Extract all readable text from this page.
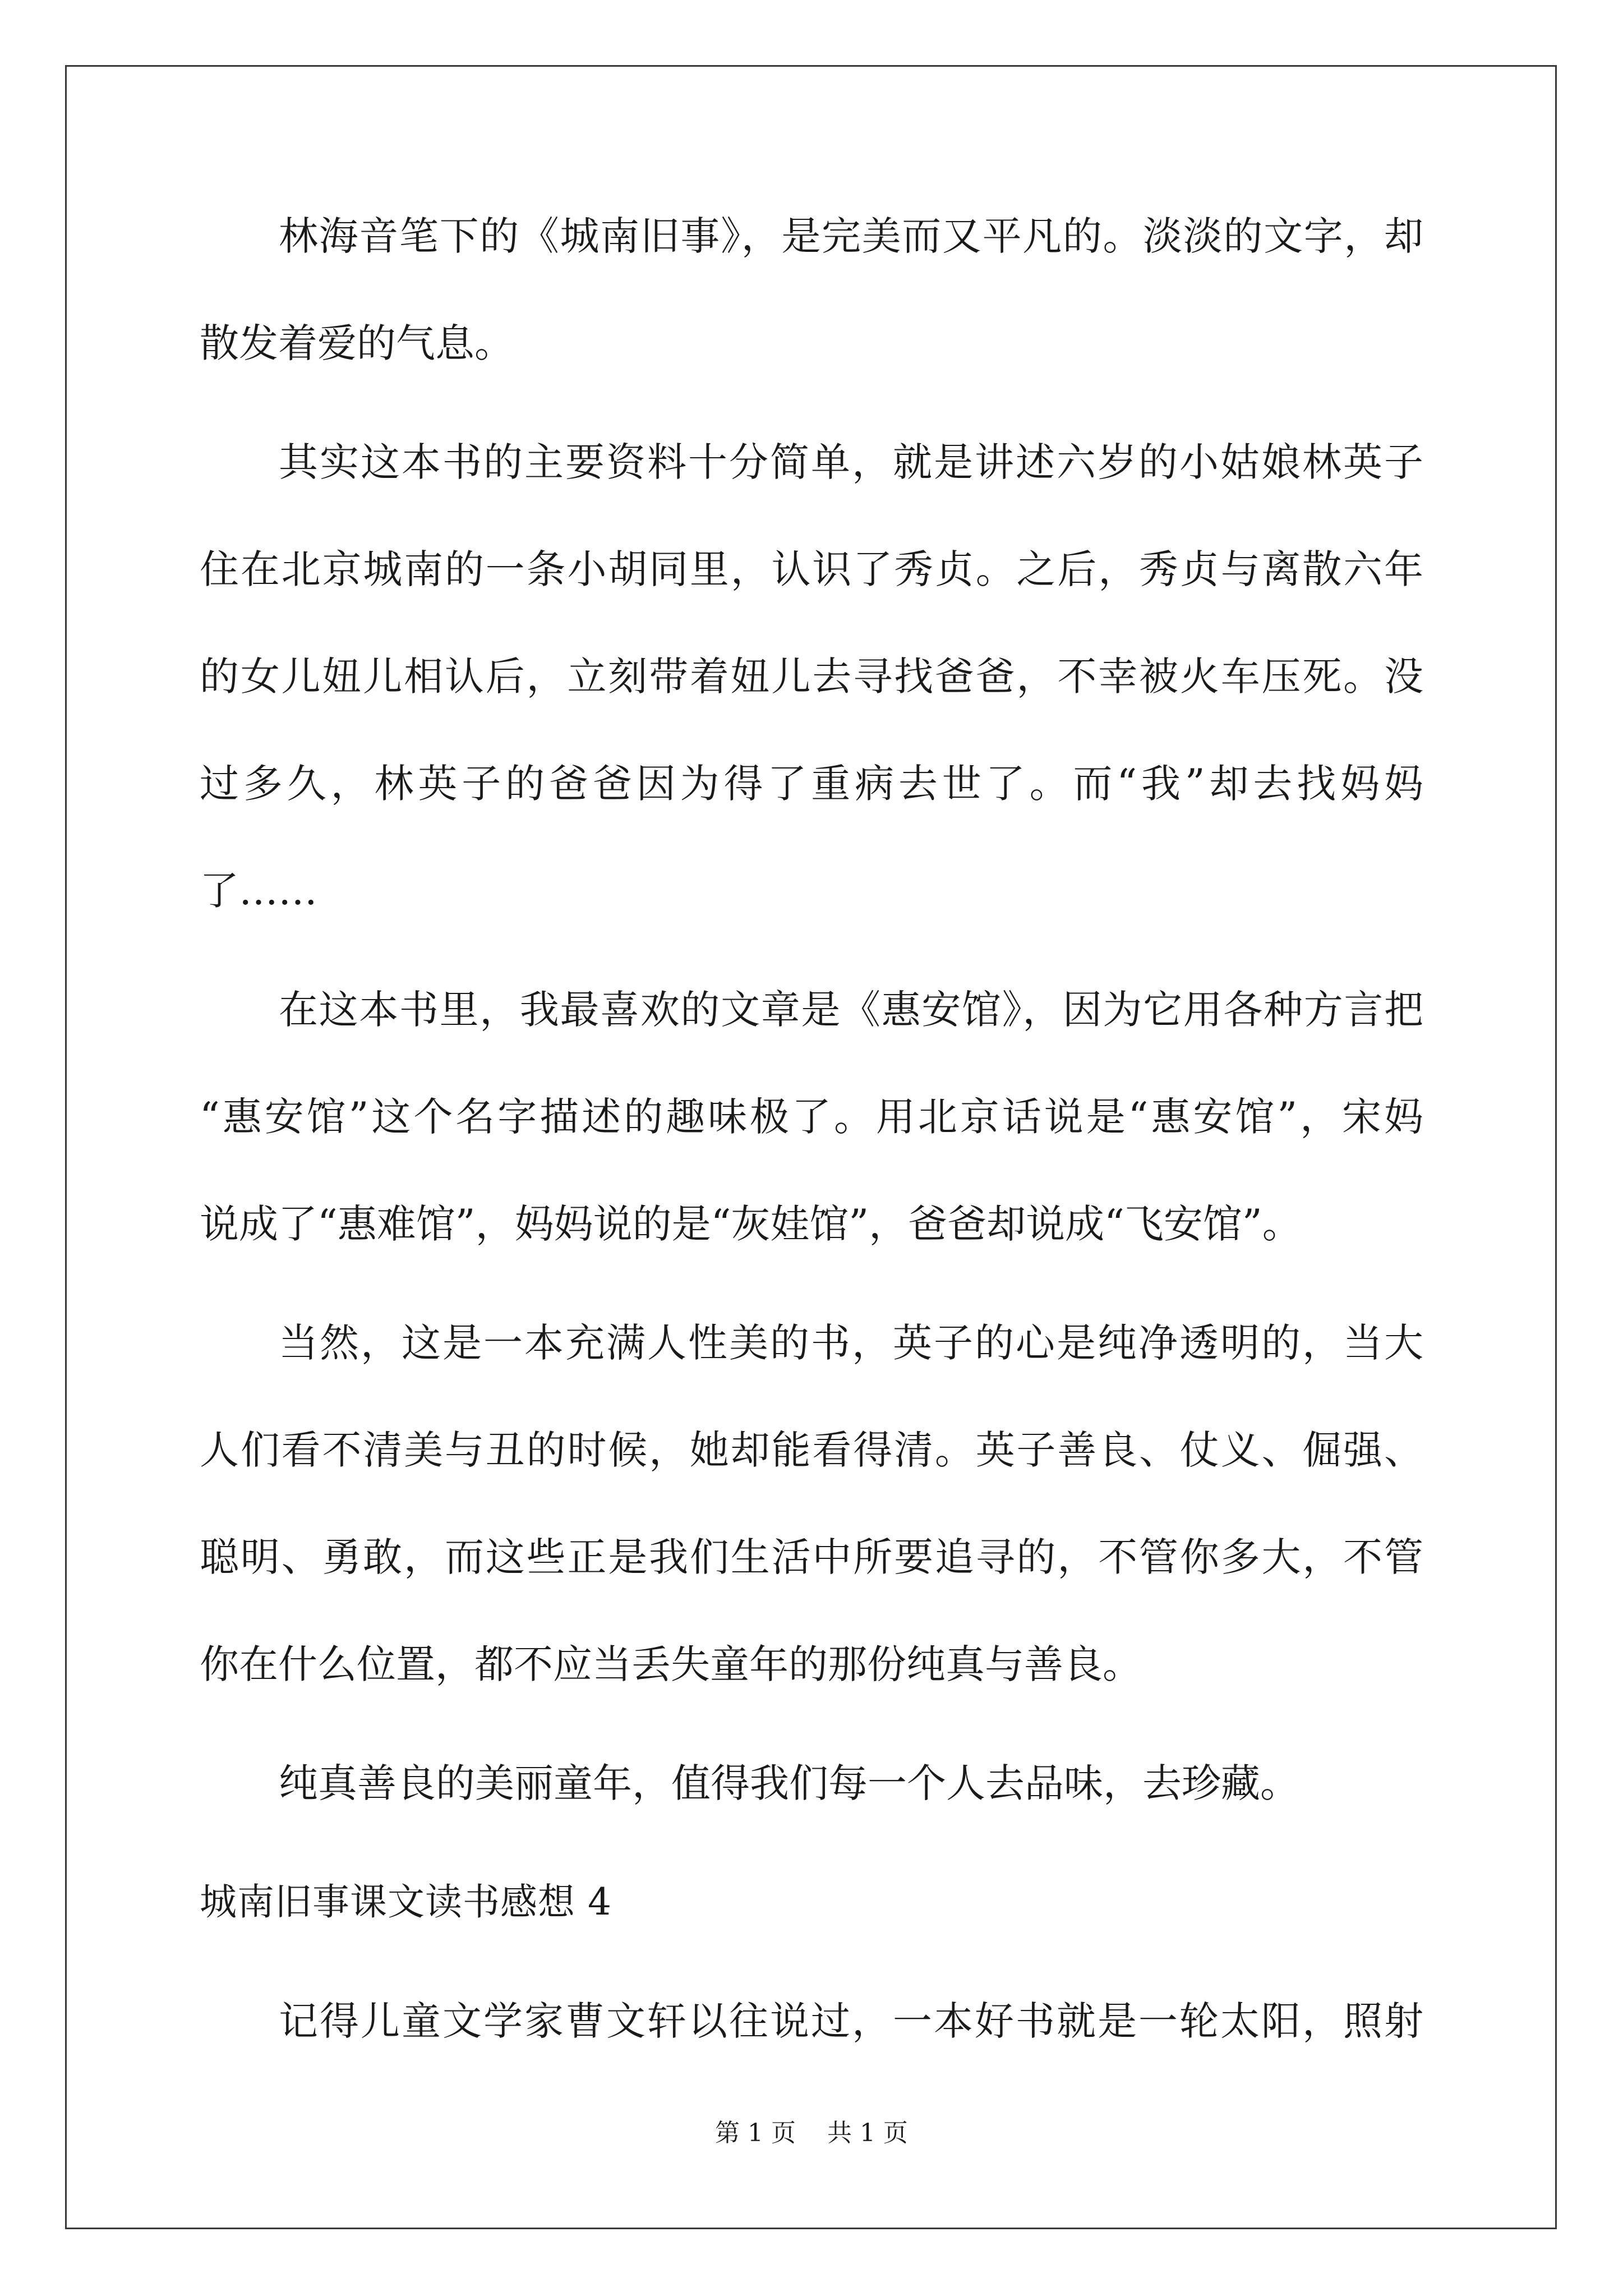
林海音笔下的《城南旧事》，是完美而又平凡的。淡淡的文字，却
散发着爱的气息。
其实这本书的主要资料十分简单，就是讲述六岁的小姑娘林英子
住在北京城南的一条小胡同里，认识了秀贞。之后，秀贞与离散六年
的女儿妞儿相认后，立刻带着妞儿去寻找爸爸，不幸被火车压死。没
过多久，林英子的爸爸因为得了重病去世了。而“我”却去找妈妈
了……
在这本书里，我最喜欢的文章是《惠安馆》，因为它用各种方言把
“惠安馆”这个名字描述的趣味极了。用北京话说是“惠安馆”，宋妈
说成了“惠难馆”，妈妈说的是“灰娃馆”，爸爸却说成“飞安馆”。
当然，这是一本充满人性美的书，英子的心是纯净透明的，当大
人们看不清美与丑的时候，她却能看得清。英子善良、仗义、倔强、
聪明、勇敢，而这些正是我们生活中所要追寻的，不管你多大，不管
你在什么位置，都不应当丢失童年的那份纯真与善良。
纯真善良的美丽童年，值得我们每一个人去品味，去珍藏。
城南旧事课文读书感想 4
记得儿童文学家曹文轩以往说过，一本好书就是一轮太阳，照射
第 1 页    共 1 页
